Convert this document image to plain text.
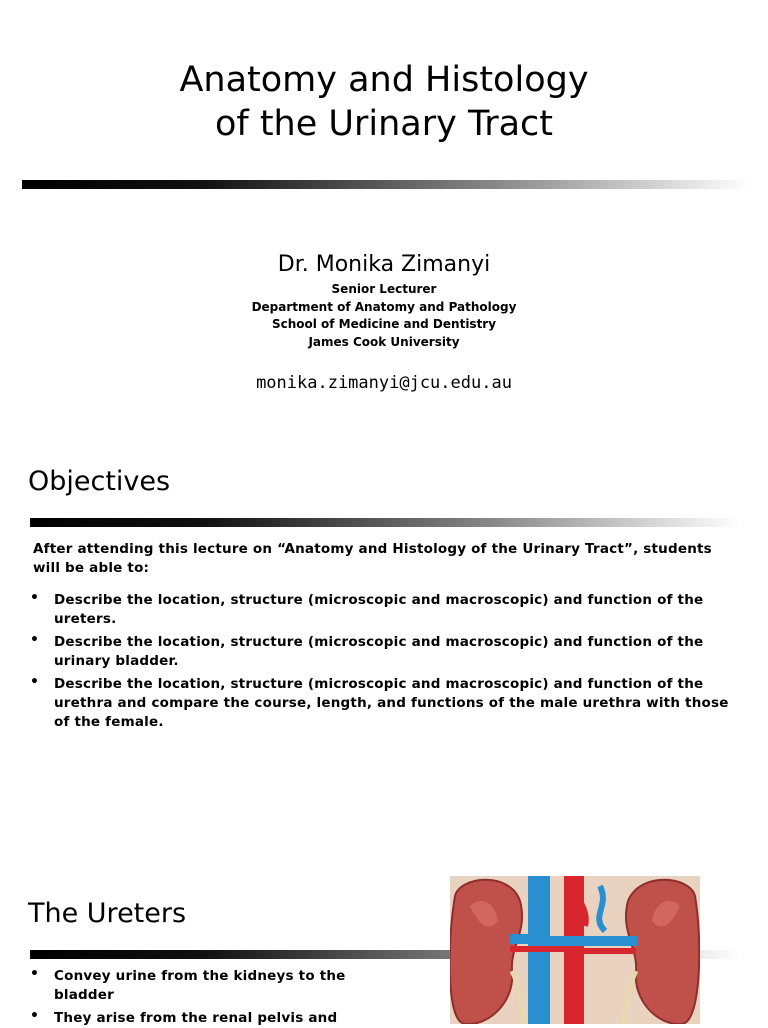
Anatomy and Histology
of the Urinary Tract
Dr. Monika Zimanyi
Senior Lecturer
Department of Anatomy and Pathology
School of Medicine and Dentistry
James Cook University
monika.zimanyi@jcu.edu.au
Objectives
After attending this lecture on “Anatomy and Histology of the Urinary Tract”, students
will be able to:
• Describe the location, structure (microscopic and macroscopic) and function of the
ureters.
• Describe the location, structure (microscopic and macroscopic) and function of the
urinary bladder.
• Describe the location, structure (microscopic and macroscopic) and function of the
urethra and compare the course, length, and functions of the male urethra with those
of the female.
The Ureters
• Convey urine from the kidneys to the
bladder
• They arise from the renal pelvis and
